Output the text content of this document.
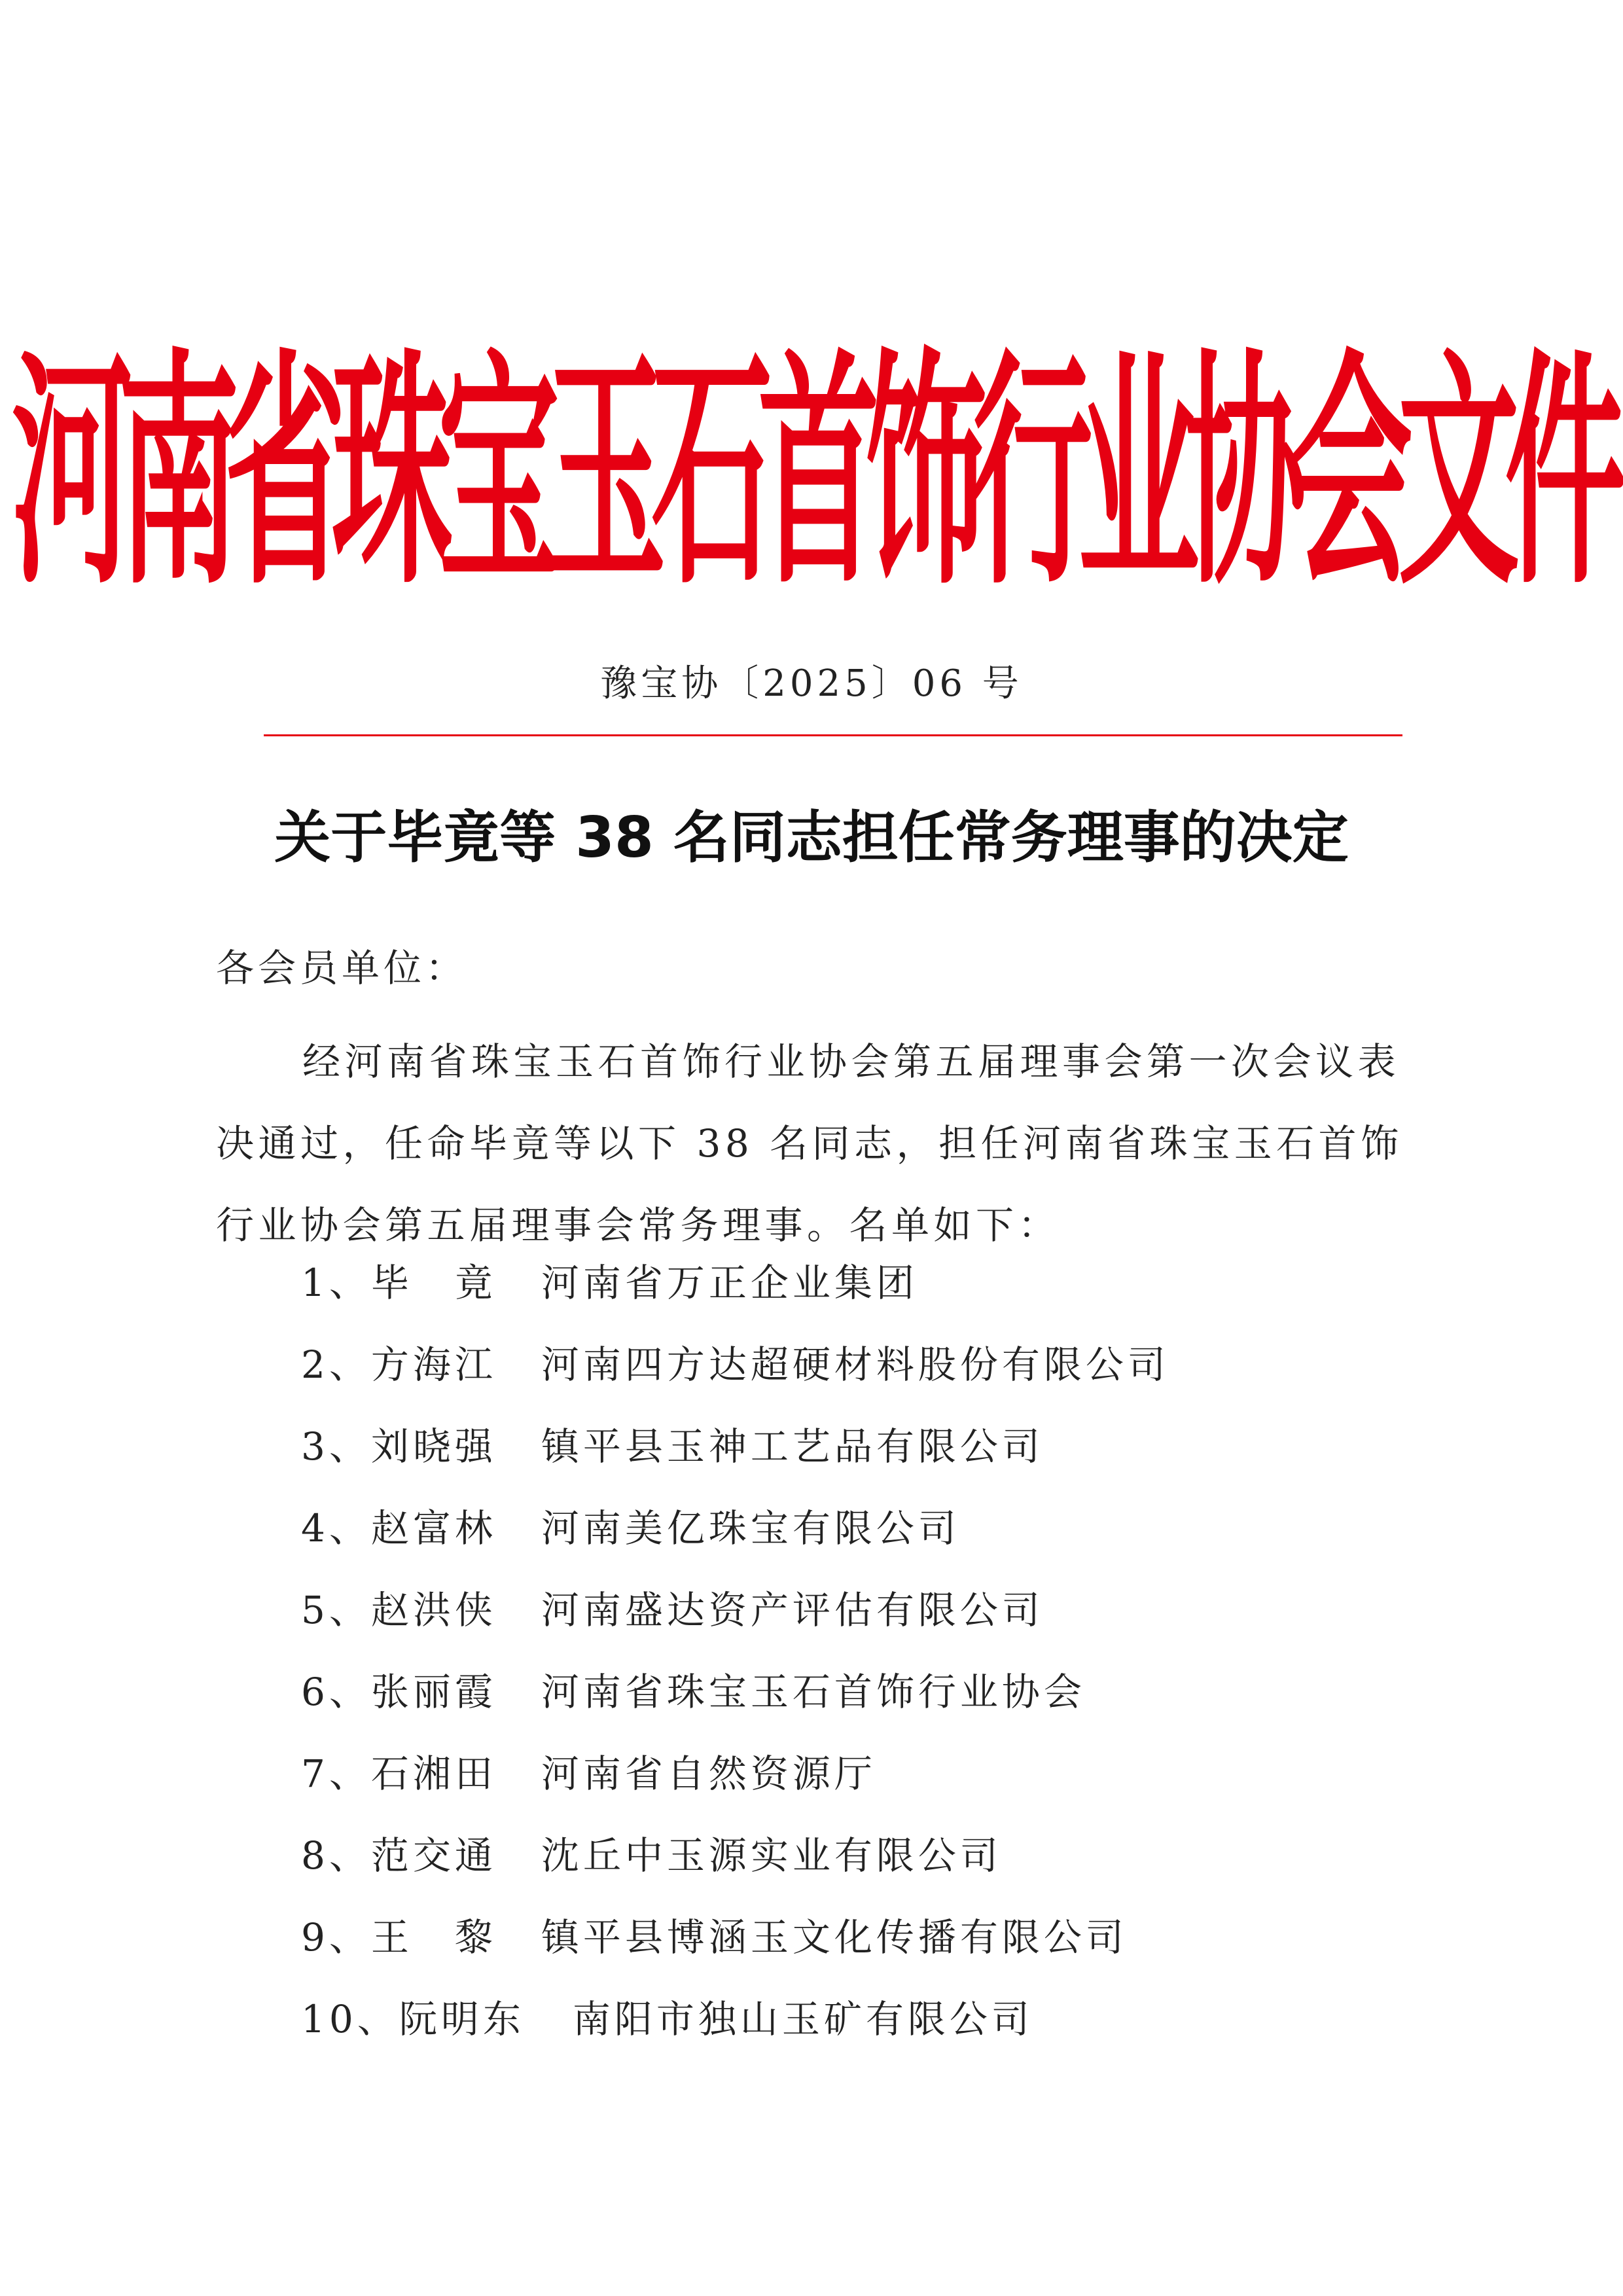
河南省珠宝玉石首饰行业协会文件
豫宝协〔2025〕06 号
关于毕竟等 38 名同志担任常务理事的决定
各会员单位：

经河南省珠宝玉石首饰行业协会第五届理事会第一次会议表决通过，任命毕竟等以下 38 名同志，担任河南省珠宝玉石首饰行业协会第五届理事会常务理事。名单如下：

1、 毕　竟	河南省万正企业集团
2、 方海江	河南四方达超硬材料股份有限公司
3、 刘晓强	镇平县玉神工艺品有限公司
4、 赵富林	河南美亿珠宝有限公司
5、 赵洪侠	河南盛达资产评估有限公司
6、 张丽霞	河南省珠宝玉石首饰行业协会
7、 石湘田	河南省自然资源厅
8、 范交通	沈丘中玉源实业有限公司
9、 王　黎	镇平县博涵玉文化传播有限公司
10、 阮明东	南阳市独山玉矿有限公司
